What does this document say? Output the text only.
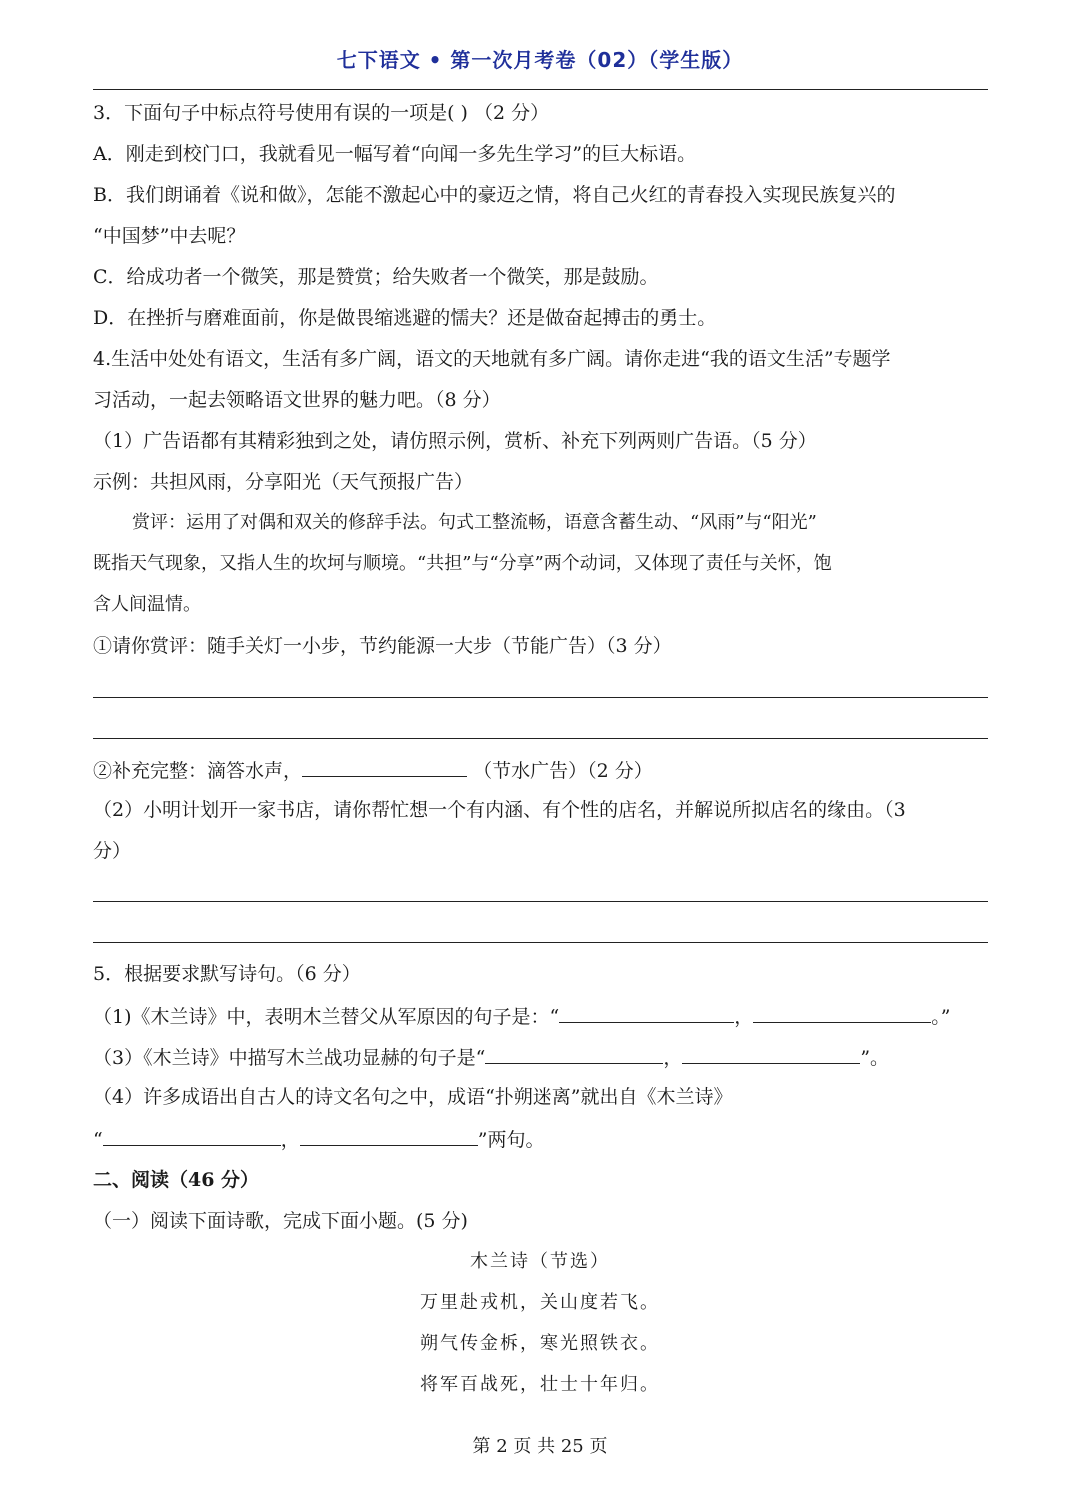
七下语文 • 第一次月考卷（02）（学生版）
3．下面句子中标点符号使用有误的一项是( ) （2 分）
A．刚走到校门口，我就看见一幅写着“向闻一多先生学习”的巨大标语。
B．我们朗诵着《说和做》，怎能不激起心中的豪迈之情，将自己火红的青春投入实现民族复兴的
“中国梦”中去呢？
C．给成功者一个微笑，那是赞赏；给失败者一个微笑，那是鼓励。
D．在挫折与磨难面前，你是做畏缩逃避的懦夫？还是做奋起搏击的勇士。
4.生活中处处有语文，生活有多广阔，语文的天地就有多广阔。请你走进“我的语文生活”专题学
习活动，一起去领略语文世界的魅力吧。（8 分）
（1）广告语都有其精彩独到之处，请仿照示例，赏析、补充下列两则广告语。（5 分）
示例：共担风雨，分享阳光（天气预报广告）
赏评：运用了对偶和双关的修辞手法。句式工整流畅，语意含蓄生动、“风雨”与“阳光”
既指天气现象，又指人生的坎坷与顺境。“共担”与“分享”两个动词，又体现了责任与关怀，饱
含人间温情。
①请你赏评：随手关灯一小步，节约能源一大步（节能广告）（3 分）
②补充完整：滴答水声，	（节水广告）（2 分）
（2）小明计划开一家书店，请你帮忙想一个有内涵、有个性的店名，并解说所拟店名的缘由。（3
分）
5．根据要求默写诗句。（6 分）
（1)《木兰诗》中，表明木兰替父从军原因的句子是：“	，	。”
（3）《木兰诗》中描写木兰战功显赫的句子是“	，	”。
（4）许多成语出自古人的诗文名句之中，成语“扑朔迷离”就出自《木兰诗》
“	，	”两句。
二、阅读（46 分）
（一）阅读下面诗歌，完成下面小题。(5 分)
木兰诗（节选）
万里赴戎机，关山度若飞。
朔气传金柝，寒光照铁衣。
将军百战死，壮士十年归。
第 2 页 共 25 页
